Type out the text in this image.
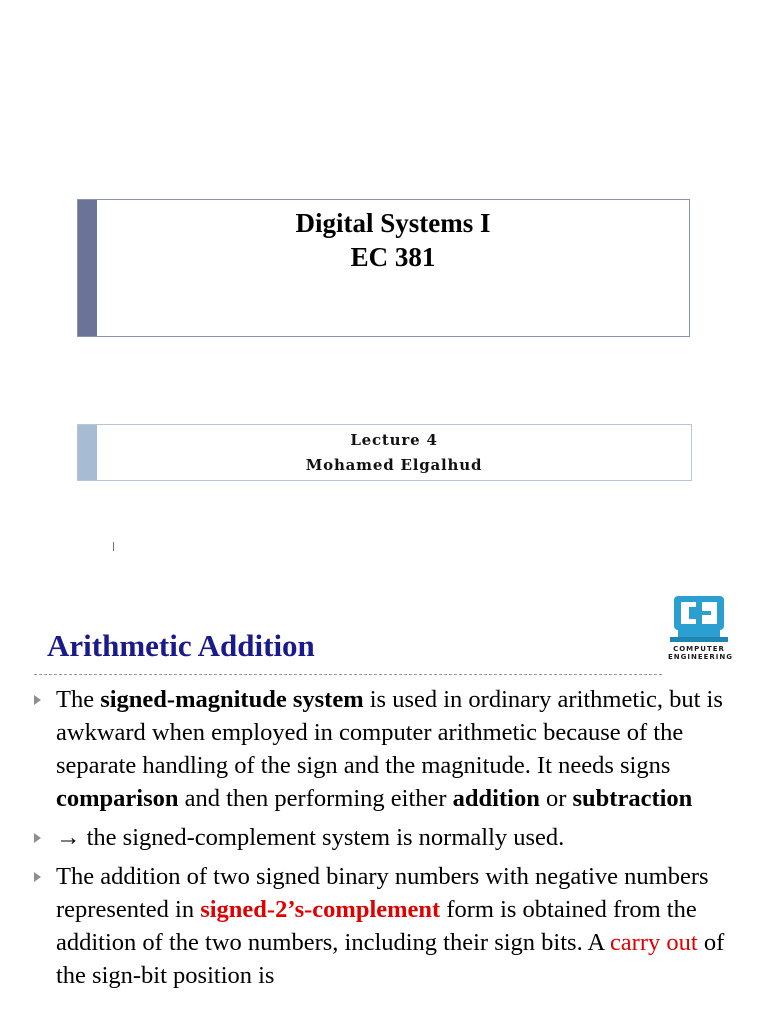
Digital Systems I
EC 381
Lecture 4
Mohamed Elgalhud
Arithmetic Addition	COMPUTER
ENGINEERING
The signed-magnitude system is used in ordinary arithmetic, but is awkward when employed in computer arithmetic because of the separate handling of the sign and the magnitude. It needs signs comparison and then performing either addition or subtraction
→ the signed-complement system is normally used.
The addition of two signed binary numbers with negative numbers represented in signed-2’s-complement form is obtained from the addition of the two numbers, including their sign bits. A carry out of the sign-bit position is
